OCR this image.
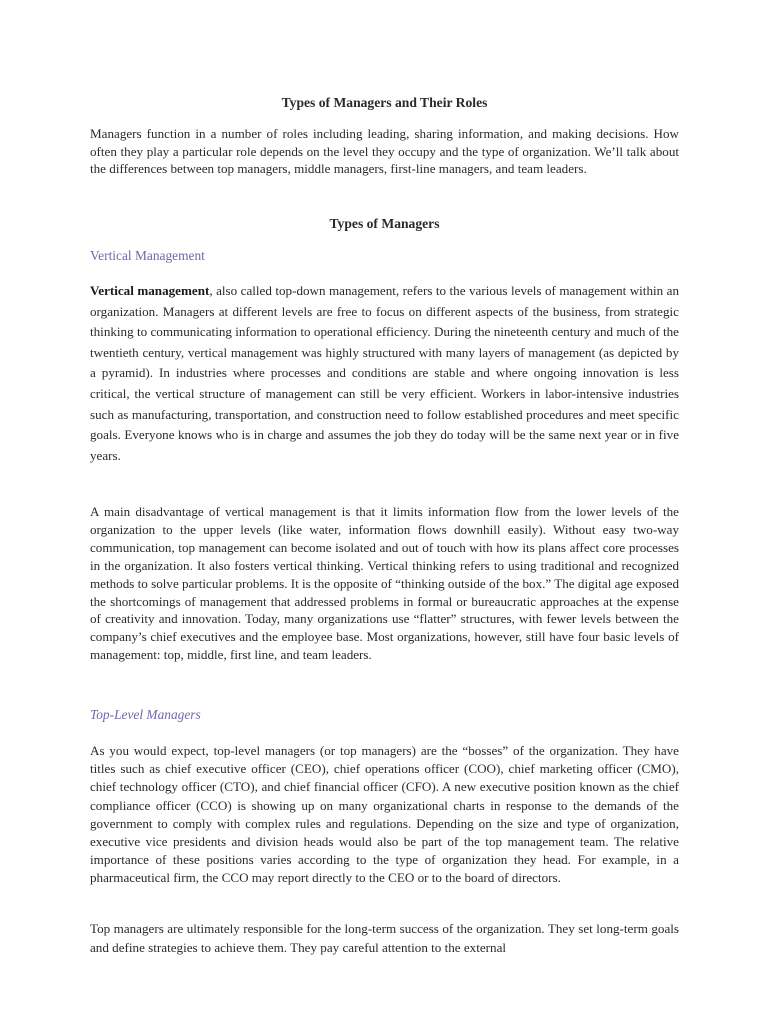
Types of Managers and Their Roles

Managers function in a number of roles including leading, sharing information, and making decisions. How often they play a particular role depends on the level they occupy and the type of organization. We’ll talk about the differences between top managers, middle managers, first-line managers, and team leaders.

Types of Managers
Vertical Management

Vertical management, also called top-down management, refers to the various levels of management within an organization. Managers at different levels are free to focus on different aspects of the business, from strategic thinking to communicating information to operational efficiency. During the nineteenth century and much of the twentieth century, vertical management was highly structured with many layers of management (as depicted by a pyramid). In industries where processes and conditions are stable and where ongoing innovation is less critical, the vertical structure of management can still be very efficient. Workers in labor-intensive industries such as manufacturing, transportation, and construction need to follow established procedures and meet specific goals. Everyone knows who is in charge and assumes the job they do today will be the same next year or in five years.

A main disadvantage of vertical management is that it limits information flow from the lower levels of the organization to the upper levels (like water, information flows downhill easily). Without easy two-way communication, top management can become isolated and out of touch with how its plans affect core processes in the organization. It also fosters vertical thinking. Vertical thinking refers to using traditional and recognized methods to solve particular problems. It is the opposite of “thinking outside of the box.” The digital age exposed the shortcomings of management that addressed problems in formal or bureaucratic approaches at the expense of creativity and innovation. Today, many organizations use “flatter” structures, with fewer levels between the company’s chief executives and the employee base. Most organizations, however, still have four basic levels of management: top, middle, first line, and team leaders.

Top-Level Managers

As you would expect, top-level managers (or top managers) are the “bosses” of the organization. They have titles such as chief executive officer (CEO), chief operations officer (COO), chief marketing officer (CMO), chief technology officer (CTO), and chief financial officer (CFO). A new executive position known as the chief compliance officer (CCO) is showing up on many organizational charts in response to the demands of the government to comply with complex rules and regulations. Depending on the size and type of organization, executive vice presidents and division heads would also be part of the top management team. The relative importance of these positions varies according to the type of organization they head. For example, in a pharmaceutical firm, the CCO may report directly to the CEO or to the board of directors.

Top managers are ultimately responsible for the long-term success of the organization. They set long-term goals and define strategies to achieve them. They pay careful attention to the external
